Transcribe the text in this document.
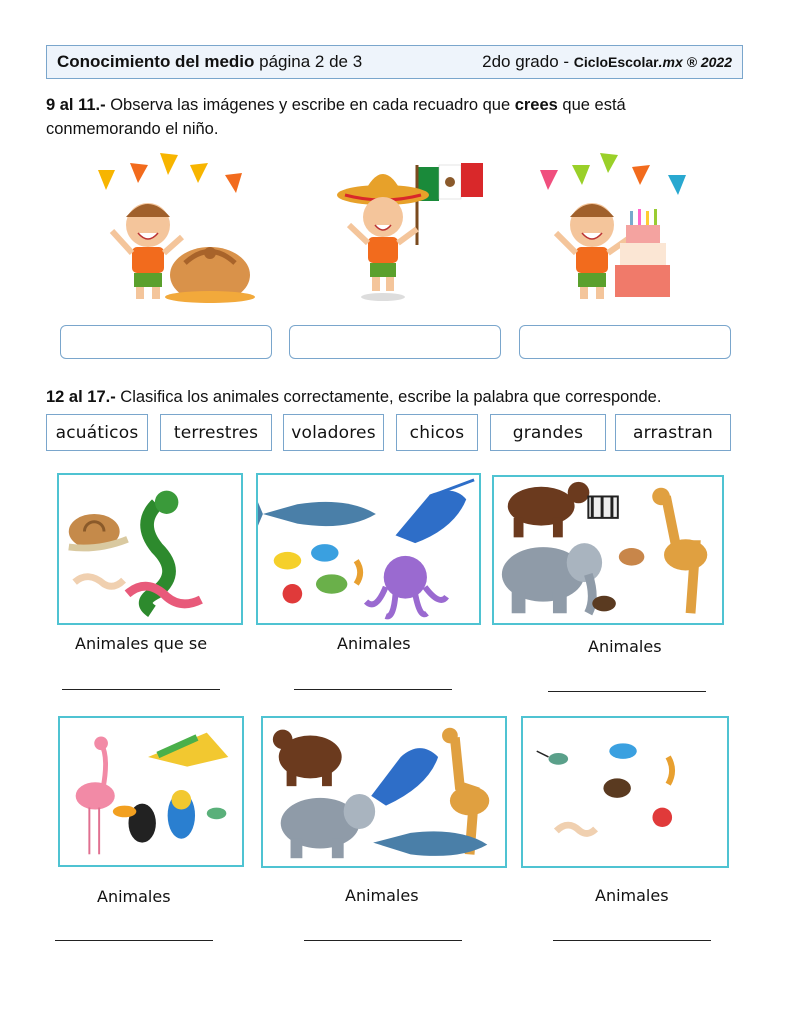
Conocimiento del medio página 2 de 3	2do grado - CicloEscolar.mx ® 2022
9 al 11.- Observa las imágenes y escribe en cada recuadro que crees que está
conmemorando el niño.
12 al 17.- Clasifica los animales correctamente, escribe la palabra que corresponde.
acuáticos	terrestres	voladores	chicos	grandes	arrastran
Animales que se	Animales	Animales
Animales	Animales	Animales
